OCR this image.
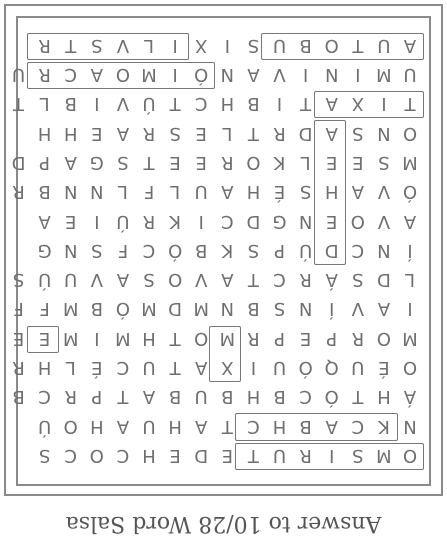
O
M
S
I
R
U
T
E
D
E
H
C
O
C
S
N
K
C
A
B
H
C
T
A
H
U
A
H
O
Ú
Á
H
T
Ó
C
B
H
B
U
B
A
T
P
R
C
B
O
É
U
Q
Ó
U
I
X
A
T
U
C
É
L
H
R
M
O
R
P
E
P
R
M
O
T
H
M
I
M
E
E
I
A
V
Í
N
S
B
N
M
D
M
Ó
B
M
F
F
L
D
S
Á
R
C
T
A
V
O
S
A
V
U
Ú
S
Í
N
C
D
Ú
P
S
K
B
Ó
C
F
S
N
G
A
V
O
E
N
G
D
C
I
K
R
Ú
I
E
A
Ó
V
A
H
S
É
H
A
U
L
F
L
N
N
B
R
M
S
E
E
L
K
O
R
E
E
T
S
G
A
P
D
O
N
S
A
D
R
T
L
E
S
R
A
E
H
H
T
I
X
A
T
I
B
H
C
T
Ú
V
I
B
L
T
U
M
I
N
I
V
A
N
Ó
I
M
O
A
C
R
U
A
U
T
O
B
U
S
I
X
I
L
V
S
T
R
Answer to 10/28 Word Salsa
